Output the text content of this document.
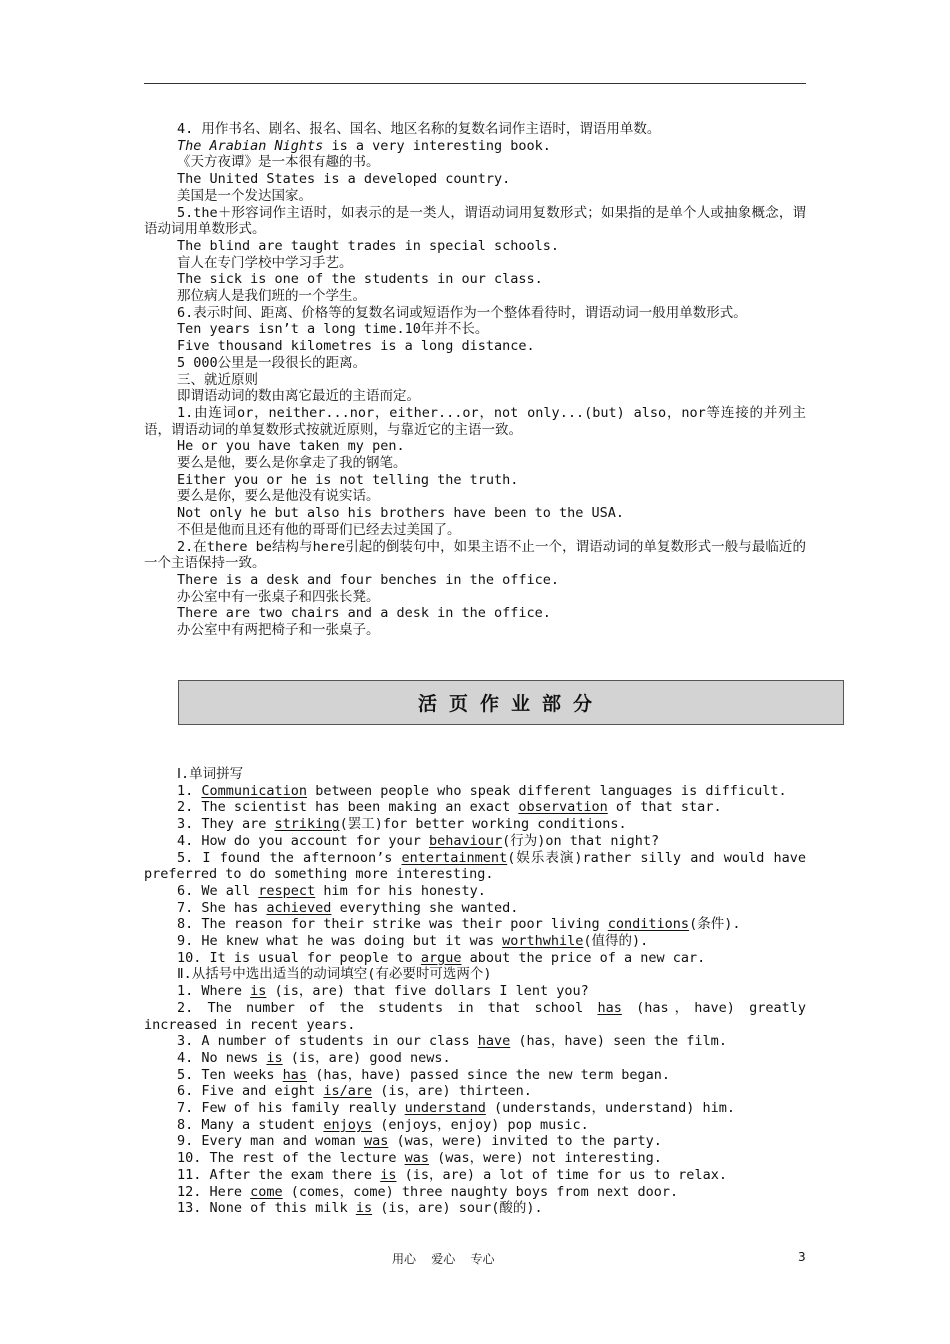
4. 用作书名、剧名、报名、国名、地区名称的复数名词作主语时，谓语用单数。
The Arabian Nights is a very interesting book.
《天方夜谭》是一本很有趣的书。
The United States is a developed country.
美国是一个发达国家。
5.the＋形容词作主语时，如表示的是一类人，谓语动词用复数形式；如果指的是单个人或抽象概念，谓语动词用单数形式。
The blind are taught trades in special schools.
盲人在专门学校中学习手艺。
The sick is one of the students in our class.
那位病人是我们班的一个学生。
6.表示时间、距离、价格等的复数名词或短语作为一个整体看待时，谓语动词一般用单数形式。
Ten years isn’t a long time.10年并不长。
Five thousand kilometres is a long distance.
5 000公里是一段很长的距离。
三、就近原则
即谓语动词的数由离它最近的主语而定。
1.由连词or，neither...nor，either...or，not only...(but) also，nor等连接的并列主语，谓语动词的单复数形式按就近原则，与靠近它的主语一致。
He or you have taken my pen.
要么是他，要么是你拿走了我的钢笔。
Either you or he is not telling the truth.
要么是你，要么是他没有说实话。
Not only he but also his brothers have been to the USA.
不但是他而且还有他的哥哥们已经去过美国了。
2.在there be结构与here引起的倒装句中，如果主语不止一个，谓语动词的单复数形式一般与最临近的一个主语保持一致。
There is a desk and four benches in the office.
办公室中有一张桌子和四张长凳。
There are two chairs and a desk in the office.
办公室中有两把椅子和一张桌子。
活页作业部分
Ⅰ.单词拼写
1. Communication between people who speak different languages is difficult.
2. The scientist has been making an exact observation of that star.
3. They are striking(罢工)for better working conditions.
4. How do you account for your behaviour(行为)on that night?
5. I found the afternoon’s entertainment(娱乐表演)rather silly and would have preferred to do something more interesting.
6. We all respect him for his honesty.
7. She has achieved everything she wanted.
8. The reason for their strike was their poor living conditions(条件).
9. He knew what he was doing but it was worthwhile(值得的).
10. It is usual for people to argue about the price of a new car.
Ⅱ.从括号中选出适当的动词填空(有必要时可选两个)
1. Where is (is，are) that five dollars I lent you?
2. The number of the students in that school has (has，have) greatly increased in recent years.
3. A number of students in our class have (has，have) seen the film.
4. No news is (is，are) good news.
5. Ten weeks has (has，have) passed since the new term began.
6. Five and eight is/are (is，are) thirteen.
7. Few of his family really understand (understands，understand) him.
8. Many a student enjoys (enjoys，enjoy) pop music.
9. Every man and woman was (was，were) invited to the party.
10. The rest of the lecture was (was，were) not interesting.
11. After the exam there is (is，are) a lot of time for us to relax.
12. Here come (comes，come) three naughty boys from next door.
13. None of this milk is (is，are) sour(酸的).
用心    爱心    专心	3
